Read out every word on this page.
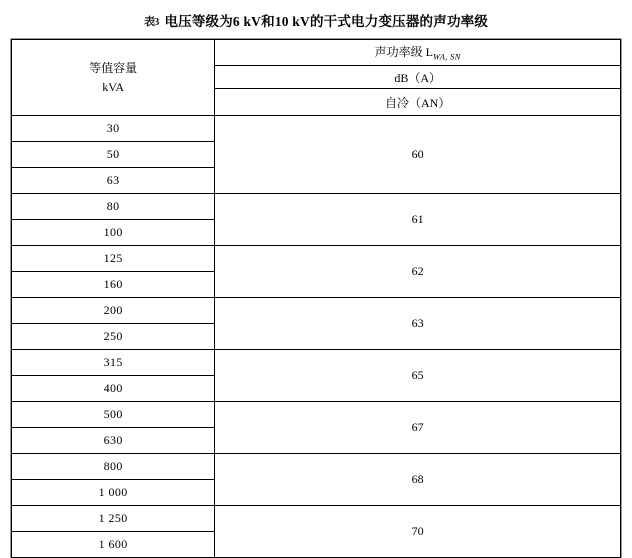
表3 电压等级为6 kV和10 kV的干式电力变压器的声功率级
等值容量
kVA	声功率级 $L_{WA, SN}$
	dB（A）
	自冷（AN）
30	60
50	
63	
80	61
100	
125	62
160	
200	63
250	
315	65
400	
500	67
630	
800	68
1 000	
1 250	70
1 600	
